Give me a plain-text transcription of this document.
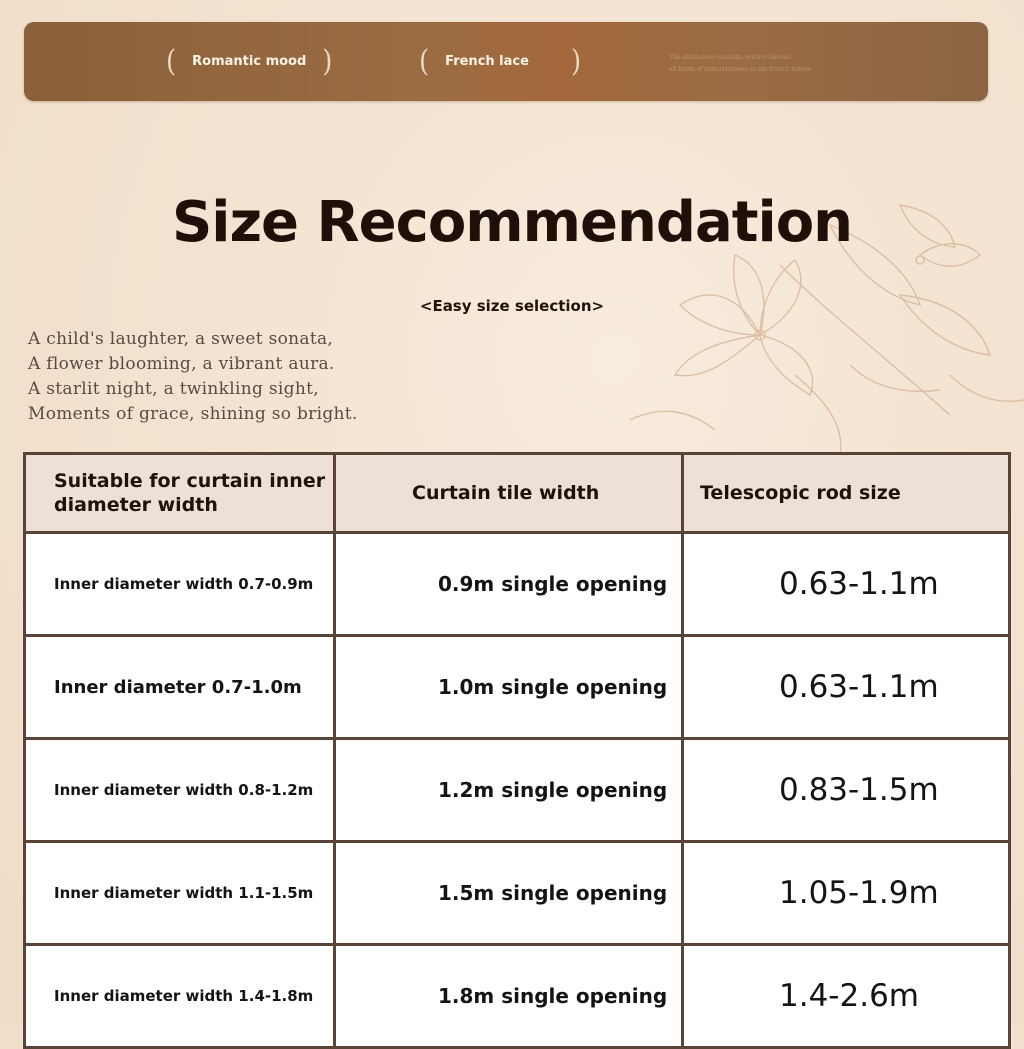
( Romantic mood )	( French lace )	The distinctive romantic texture blooms
all kinds of unhurriedness in life french hollow
Size Recommendation
<Easy size selection>
A child's laughter, a sweet sonata,
A flower blooming, a vibrant aura.
A starlit night, a twinkling sight,
Moments of grace, shining so bright.
Suitable for curtain inner diameter width	Curtain tile width	Telescopic rod size
Inner diameter width 0.7-0.9m	0.9m single opening	0.63-1.1m
Inner diameter 0.7-1.0m	1.0m single opening	0.63-1.1m
Inner diameter width 0.8-1.2m	1.2m single opening	0.83-1.5m
Inner diameter width 1.1-1.5m	1.5m single opening	1.05-1.9m
Inner diameter width 1.4-1.8m	1.8m single opening	1.4-2.6m
